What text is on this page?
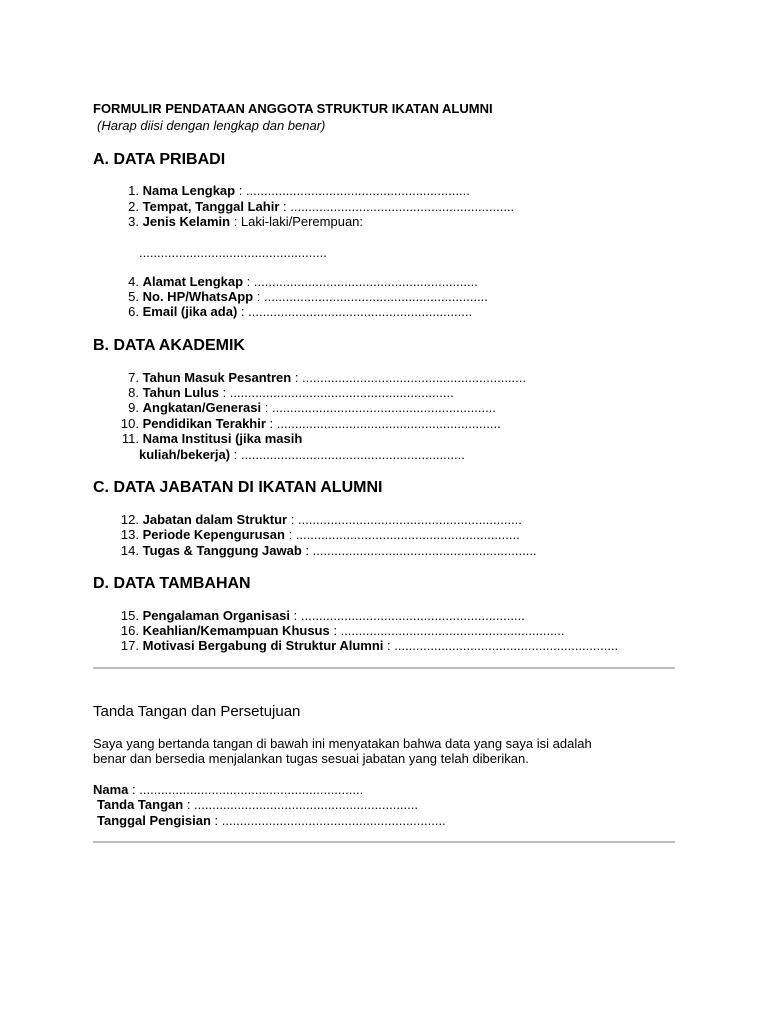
FORMULIR PENDATAAN ANGGOTA STRUKTUR IKATAN ALUMNI
(Harap diisi dengan lengkap dan benar)
A. DATA PRIBADI
1. Nama Lengkap : ..............................................................
2. Tempat, Tanggal Lahir : ..............................................................
3. Jenis Kelamin : Laki-laki/Perempuan:
....................................................
4. Alamat Lengkap : ..............................................................
5. No. HP/WhatsApp : ..............................................................
6. Email (jika ada) : ..............................................................
B. DATA AKADEMIK
7. Tahun Masuk Pesantren : ..............................................................
8. Tahun Lulus : ..............................................................
9. Angkatan/Generasi : ..............................................................
10. Pendidikan Terakhir : ..............................................................
11. Nama Institusi (jika masih
kuliah/bekerja) : ..............................................................
C. DATA JABATAN DI IKATAN ALUMNI
12. Jabatan dalam Struktur : ..............................................................
13. Periode Kepengurusan : ..............................................................
14. Tugas & Tanggung Jawab : ..............................................................
D. DATA TAMBAHAN
15. Pengalaman Organisasi : ..............................................................
16. Keahlian/Kemampuan Khusus : ..............................................................
17. Motivasi Bergabung di Struktur Alumni : ..............................................................
Tanda Tangan dan Persetujuan
Saya yang bertanda tangan di bawah ini menyatakan bahwa data yang saya isi adalah
benar dan bersedia menjalankan tugas sesuai jabatan yang telah diberikan.
Nama : ..............................................................
Tanda Tangan : ..............................................................
Tanggal Pengisian : ..............................................................
